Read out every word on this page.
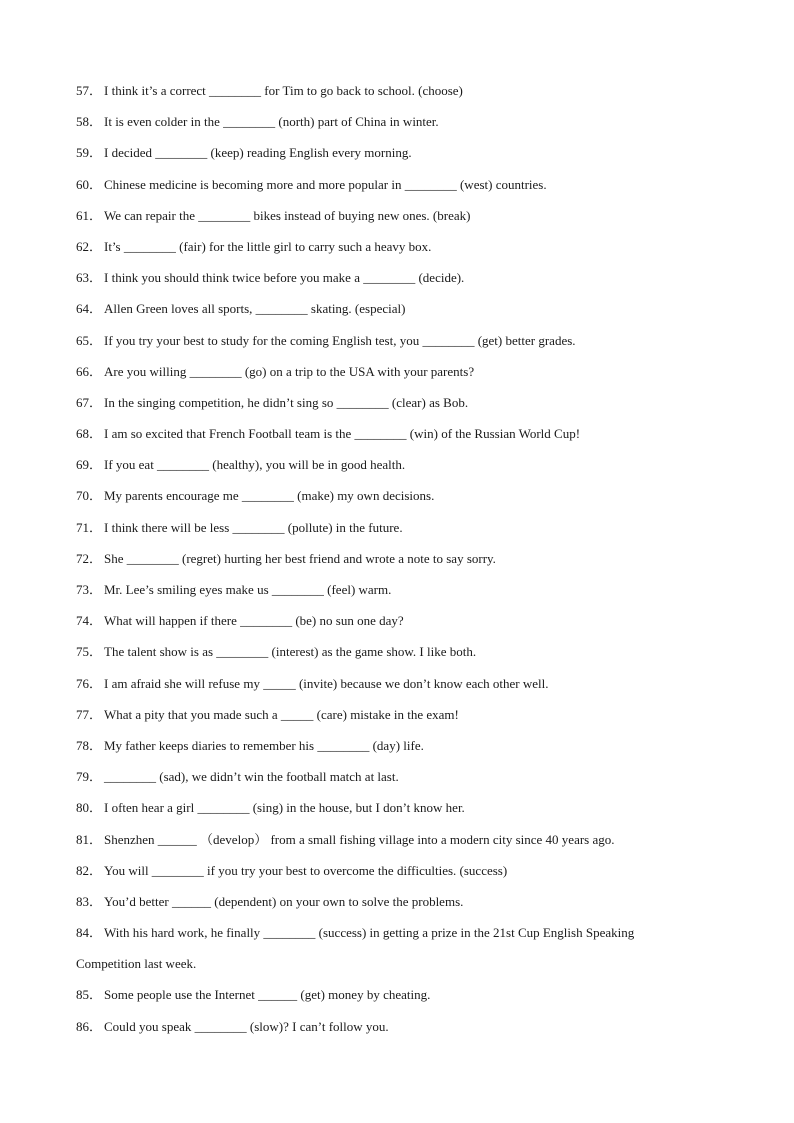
57． I think it’s a correct ________ for Tim to go back to school. (choose)
58． It is even colder in the ________ (north) part of China in winter.
59． I decided ________ (keep) reading English every morning.
60． Chinese medicine is becoming more and more popular in ________ (west) countries.
61． We can repair the ________ bikes instead of buying new ones. (break)
62． It’s ________ (fair) for the little girl to carry such a heavy box.
63． I think you should think twice before you make a ________ (decide).
64． Allen Green loves all sports, ________ skating. (especial)
65． If you try your best to study for the coming English test, you ________ (get) better grades.
66． Are you willing ________ (go) on a trip to the USA with your parents?
67． In the singing competition, he didn’t sing so ________ (clear) as Bob.
68． I am so excited that French Football team is the ________ (win) of the Russian World Cup!
69． If you eat ________ (healthy), you will be in good health.
70． My parents encourage me ________ (make) my own decisions.
71． I think there will be less ________ (pollute) in the future.
72． She ________ (regret) hurting her best friend and wrote a note to say sorry.
73． Mr. Lee’s smiling eyes make us ________ (feel) warm.
74． What will happen if there ________ (be) no sun one day?
75． The talent show is as ________ (interest) as the game show. I like both.
76． I am afraid she will refuse my _____ (invite) because we don’t know each other well.
77． What a pity that you made such a _____ (care) mistake in the exam!
78． My father keeps diaries to remember his ________ (day) life.
79． ________ (sad), we didn’t win the football match at last.
80． I often hear a girl ________ (sing) in the house, but I don’t know her.
81． Shenzhen ______ （develop） from a small fishing village into a modern city since 40 years ago.
82． You will ________ if you try your best to overcome the difficulties. (success)
83． You’d better ______ (dependent) on your own to solve the problems.
84． With his hard work, he finally ________ (success) in getting a prize in the 21st Cup English Speaking
Competition last week.
85． Some people use the Internet ______ (get) money by cheating.
86． Could you speak ________ (slow)? I can’t follow you.
